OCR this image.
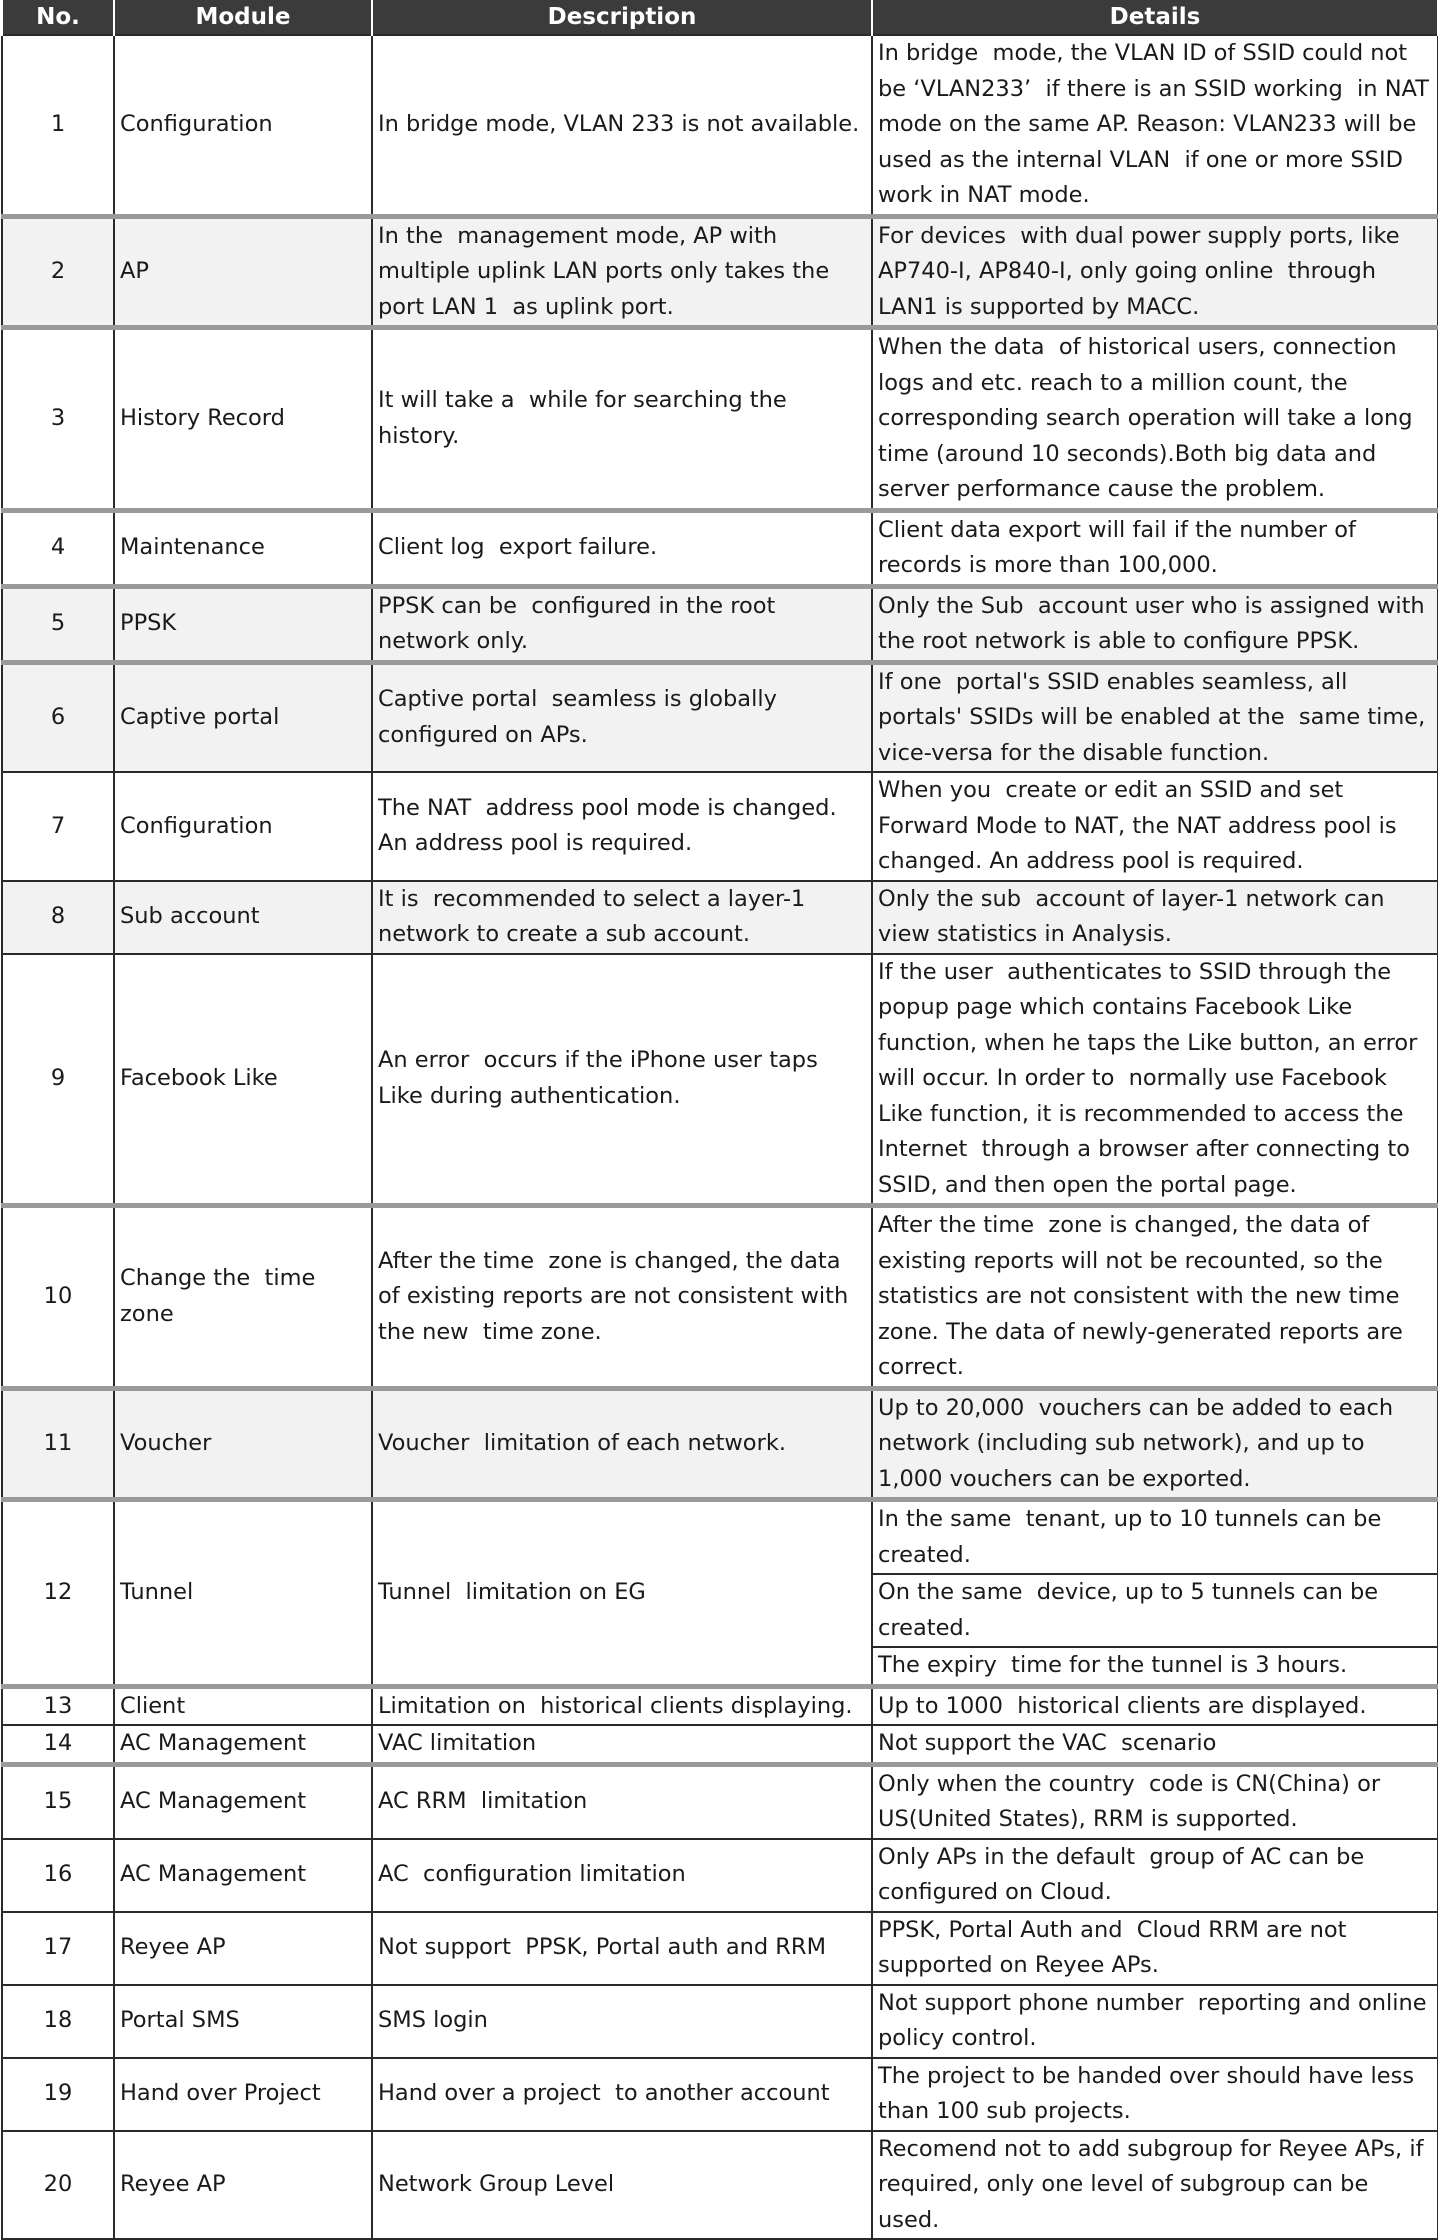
No.	Module	Description	Details
1	Configuration	In bridge mode, VLAN 233 is not available.	In bridge  mode, the VLAN ID of SSID could not be ‘VLAN233’  if there is an SSID working  in NAT mode on the same AP. Reason: VLAN233 will be used as the internal VLAN  if one or more SSID work in NAT mode.
2	AP	In the  management mode, AP with multiple uplink LAN ports only takes the port LAN 1  as uplink port.	For devices  with dual power supply ports, like AP740-I, AP840-I, only going online  through LAN1 is supported by MACC.
3	History Record	It will take a  while for searching the history.	When the data  of historical users, connection logs and etc. reach to a million count, the  corresponding search operation will take a long time (around 10 seconds).Both big data and server performance cause the problem.
4	Maintenance	Client log  export failure.	Client data export will fail if the number of records is more than 100,000.
5	PPSK	PPSK can be  configured in the root network only.	Only the Sub  account user who is assigned with the root network is able to configure PPSK.
6	Captive portal	Captive portal  seamless is globally configured on APs.	If one  portal's SSID enables seamless, all portals' SSIDs will be enabled at the  same time, vice-versa for the disable function.
7	Configuration	The NAT  address pool mode is changed. An address pool is required.	When you  create or edit an SSID and set Forward Mode to NAT, the NAT address pool is  changed. An address pool is required.
8	Sub account	It is  recommended to select a layer-1 network to create a sub account.	Only the sub  account of layer-1 network can view statistics in Analysis.
9	Facebook Like	An error  occurs if the iPhone user taps Like during authentication.	If the user  authenticates to SSID through the popup page which contains Facebook Like  function, when he taps the Like button, an error will occur. In order to  normally use Facebook Like function, it is recommended to access the Internet  through a browser after connecting to SSID, and then open the portal page.
10	Change the  time zone	After the time  zone is changed, the data of existing reports are not consistent with the new  time zone.	After the time  zone is changed, the data of existing reports will not be recounted, so the  statistics are not consistent with the new time zone. The data of newly-generated reports are correct.
11	Voucher	Voucher  limitation of each network.	Up to 20,000  vouchers can be added to each network (including sub network), and up to  1,000 vouchers can be exported.
12	Tunnel	Tunnel  limitation on EG	In the same  tenant, up to 10 tunnels can be created.
			On the same  device, up to 5 tunnels can be created.
			The expiry  time for the tunnel is 3 hours.
13	Client	Limitation on  historical clients displaying.	Up to 1000  historical clients are displayed.
14	AC Management	VAC limitation	Not support the VAC  scenario
15	AC Management	AC RRM  limitation	Only when the country  code is CN(China) or US(United States), RRM is supported.
16	AC Management	AC  configuration limitation	Only APs in the default  group of AC can be configured on Cloud.
17	Reyee AP	Not support  PPSK, Portal auth and RRM	PPSK, Portal Auth and  Cloud RRM are not supported on Reyee APs.
18	Portal SMS	SMS login	Not support phone number  reporting and online policy control.
19	Hand over Project	Hand over a project  to another account	The project to be handed over should have less than 100 sub projects.
20	Reyee AP	Network Group Level	Recomend not to add subgroup for Reyee APs, if required, only one level of subgroup can be used.
